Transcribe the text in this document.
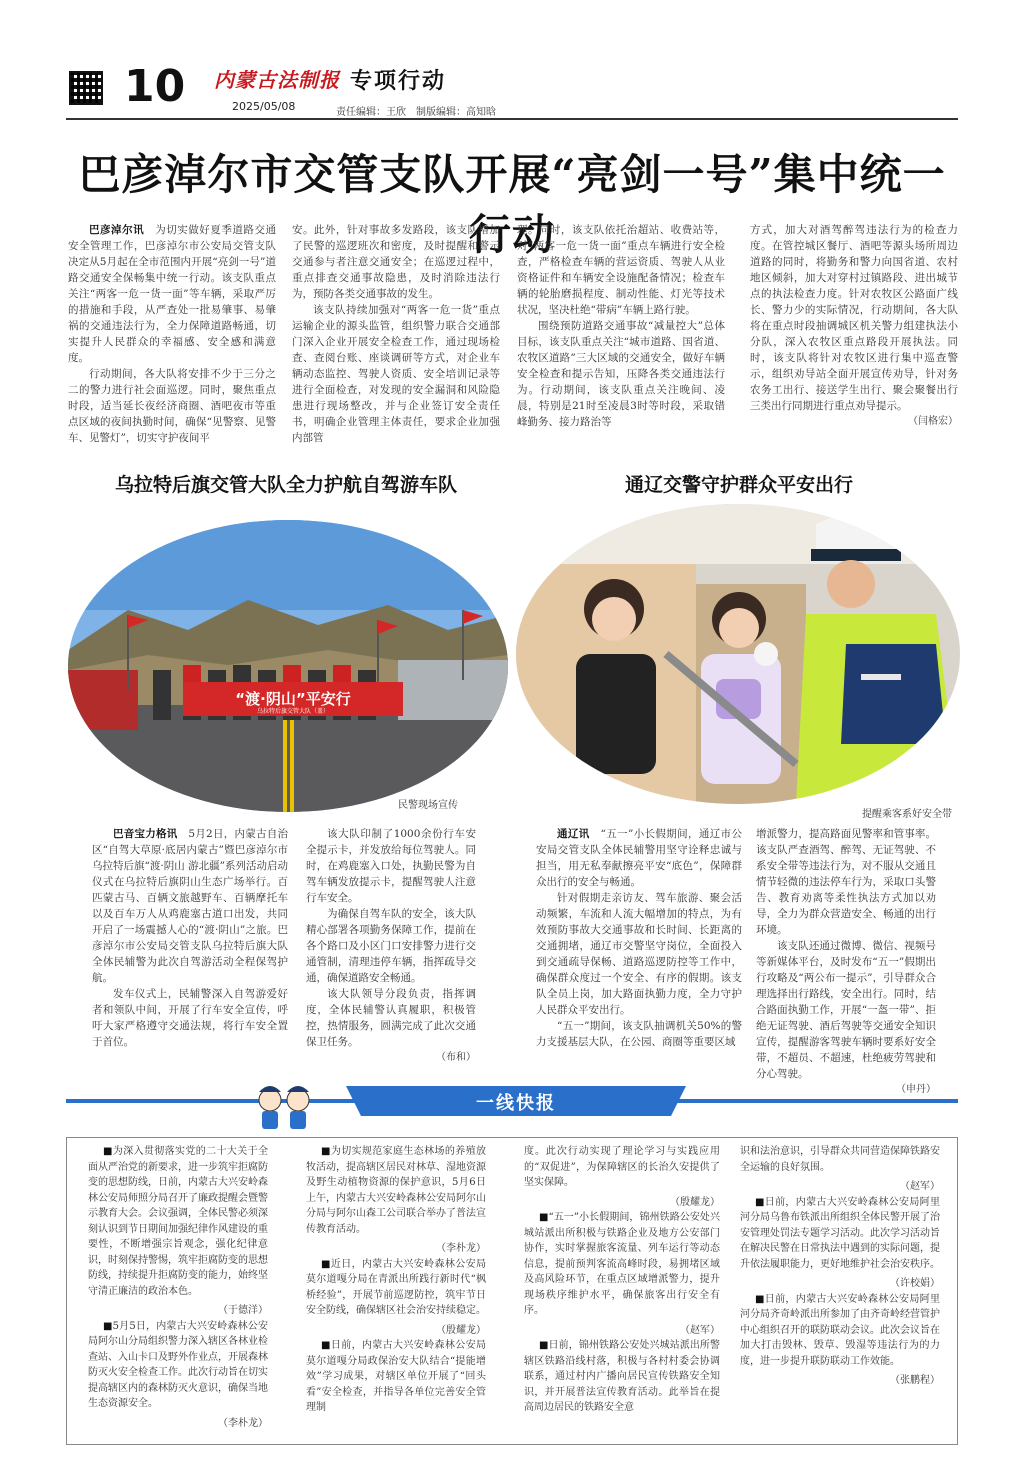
10 内蒙古法制报
2025/05/08
专项行动
责任编辑：王欣　制版编辑：高知晗
巴彦淖尔市交管支队开展“亮剑一号”集中统一行动

巴彦淖尔讯　 为切实做好夏季道路交通安全管理工作，巴彦淖尔市公安局交管支队决定从5月起在全市范围内开展“亮剑一号”道路交通安全保畅集中统一行动。该支队重点关注“两客一危一货一面”等车辆，采取严厉的措施和手段，从严查处一批易肇事、易肇祸的交通违法行为，全力保障道路畅通，切实提升人民群众的幸福感、安全感和满意度。

行动期间，各大队将安排不少于三分之二的警力进行社会面巡逻。同时，聚焦重点时段，适当延长夜经济商圈、酒吧夜市等重点区域的夜间执勤时间，确保“见警察、见警车、见警灯”，切实守护夜间平

安。此外，针对事故多发路段，该支队增加了民警的巡逻班次和密度，及时提醒和警示交通参与者注意交通安全；在巡逻过程中，重点排查交通事故隐患，及时消除违法行为，预防各类交通事故的发生。

该支队持续加强对“两客一危一货”重点运输企业的源头监管，组织警力联合交通部门深入企业开展安全检查工作，通过现场检查、查阅台账、座谈调研等方式，对企业车辆动态监控、驾驶人资质、安全培训记录等进行全面检查，对发现的安全漏洞和风险隐患进行现场整改，并与企业签订安全责任书，明确企业管理主体责任，要求企业加强内部管

理。同时，该支队依托治超站、收费站等，对“两客一危一货一面”重点车辆进行安全检查，严格检查车辆的营运资质、驾驶人从业资格证件和车辆安全设施配备情况；检查车辆的轮胎磨损程度、制动性能、灯光等技术状况，坚决杜绝“带病”车辆上路行驶。

围绕预防道路交通事故“减量控大”总体目标，该支队重点关注“城市道路、国省道、农牧区道路”三大区域的交通安全，做好车辆安全检查和提示告知，压降各类交通违法行为。行动期间，该支队重点关注晚间、凌晨，特别是21时至凌晨3时等时段，采取错峰勤务、接力路治等

方式，加大对酒驾醉驾违法行为的检查力度。在管控城区餐厅、酒吧等源头场所周边道路的同时，将勤务和警力向国省道、农村地区倾斜，加大对穿村过镇路段、进出城节点的执法检查力度。针对农牧区公路面广线长、警力少的实际情况，行动期间，各大队将在重点时段抽调城区机关警力组建执法小分队，深入农牧区重点路段开展执法。同时，该支队将针对农牧区进行集中巡查警示，组织劝导站全面开展宣传劝导，针对务农务工出行、接送学生出行、聚会聚餐出行三类出行同期进行重点劝导提示。

（闫格宏）
乌拉特后旗交管大队全力护航自驾游车队
“渡·阴山”平安行
乌拉特后旗交管大队（盖）
民警现场宣传

巴音宝力格讯　 5月2日，内蒙古自治区“自驾大草原·底居内蒙古”暨巴彦淖尔市乌拉特后旗“渡·阴山 游北疆”系列活动启动仪式在乌拉特后旗阴山生态广场举行。百匹蒙古马、百辆文旅越野车、百辆摩托车以及百车万人从鸡鹿塞古道口出发，共同开启了一场震撼人心的“渡·阴山”之旅。巴彦淖尔市公安局交管支队乌拉特后旗大队全体民辅警为此次自驾游活动全程保驾护航。

发车仪式上，民辅警深入自驾游爱好者和领队中间，开展了行车安全宣传，呼吁大家严格遵守交通法规，将行车安全置于首位。

该大队印制了1000余份行车安全提示卡，并发放给每位驾驶人。同时，在鸡鹿塞入口处，执勤民警为自驾车辆发放提示卡，提醒驾驶人注意行车安全。

为确保自驾车队的安全，该大队精心部署各项勤务保障工作，提前在各个路口及小区门口安排警力进行交通管制，清理违停车辆，指挥疏导交通，确保道路安全畅通。

该大队领导分段负责，指挥调度，全体民辅警认真履职，积极管控，热情服务，圆满完成了此次交通保卫任务。

（布和）
通辽交警守护群众平安出行
提醒乘客系好安全带

通辽讯　 “五一”小长假期间，通辽市公安局交管支队全体民辅警用坚守诠释忠诚与担当，用无私奉献擦亮平安“底色”，保障群众出行的安全与畅通。

针对假期走亲访友、驾车旅游、聚会活动频繁，车流和人流大幅增加的特点，为有效预防事故大交通事故和长时间、长距离的交通拥堵，通辽市交警坚守岗位，全面投入到交通疏导保畅、道路巡逻防控等工作中，确保群众度过一个安全、有序的假期。该支队全员上岗，加大路面执勤力度，全力守护人民群众平安出行。

“五一”期间，该支队抽调机关50%的警力支援基层大队，在公园、商圈等重要区域

增派警力，提高路面见警率和管事率。该支队严查酒驾、醉驾、无证驾驶、不系安全带等违法行为，对不服从交通且情节轻微的违法停车行为，采取口头警告、教育劝离等柔性执法方式加以劝导，全力为群众营造安全、畅通的出行环境。

该支队还通过微博、微信、视频号等新媒体平台，及时发布“五一”假期出行攻略及“两公布一提示”，引导群众合理选择出行路线，安全出行。同时，结合路面执勤工作，开展“一盔一带”、拒绝无证驾驶、酒后驾驶等交通安全知识宣传，提醒游客驾驶车辆时要系好安全带，不超员、不超速，杜绝疲劳驾驶和分心驾驶。

（申丹）
一线快报

■为深入贯彻落实党的二十大关于全面从严治党的新要求，进一步筑牢拒腐防变的思想防线，日前，内蒙古大兴安岭森林公安局师照分局召开了廉政提醒会暨警示教育大会。会议强调，全体民警必须深刻认识到节日期间加强纪律作风建设的重要性，不断增强宗旨观念，强化纪律意识，时刻保持警惕，筑牢拒腐防变的思想防线，持续提升拒腐防变的能力，始终坚守清正廉洁的政治本色。

（于德洋）

■5月5日，内蒙古大兴安岭森林公安局阿尔山分局组织警力深入辖区各林业检查站、入山卡口及野外作业点，开展森林防灭火安全检查工作。此次行动旨在切实提高辖区内的森林防灭火意识，确保当地生态资源安全。

（李朴龙）

■为切实规范家庭生态林场的养殖放牧活动，提高辖区居民对林草、湿地资源及野生动植物资源的保护意识，5月6日上午，内蒙古大兴安岭森林公安局阿尔山分局与阿尔山森工公司联合举办了普法宣传教育活动。

（李朴龙）

■近日，内蒙古大兴安岭森林公安局莫尔道嘎分局在青派出所践行新时代“枫桥经验”，开展节前巡逻防控，筑牢节日安全防线，确保辖区社会治安持续稳定。

（殷耀龙）

■日前，内蒙古大兴安岭森林公安局莫尔道嘎分局政保治安大队结合“提能增效”学习成果，对辖区单位开展了“回头看”安全检查，并指导各单位完善安全管理制

度。此次行动实现了理论学习与实践应用的“双促进”，为保障辖区的长治久安提供了坚实保障。

（殷耀龙）

■“五一”小长假期间，锦州铁路公安处兴城站派出所积极与铁路企业及地方公安部门协作，实时掌握旅客流量、列车运行等动态信息，提前预判客流高峰时段，易拥堵区域及高风险环节，在重点区域增派警力，提升现场秩序维护水平，确保旅客出行安全有序。

（赵军）

■日前，锦州铁路公安处兴城站派出所警辖区铁路沿线村落，积极与各村村委会协调联系，通过村内广播向居民宣传铁路安全知识，并开展普法宣传教育活动。此举旨在提高周边居民的铁路安全意

识和法治意识，引导群众共同营造保障铁路安全运输的良好氛围。

（赵军）

■日前，内蒙古大兴安岭森林公安局阿里河分局乌鲁布铁派出所组织全体民警开展了治安管理处罚法专题学习活动。此次学习活动旨在解决民警在日常执法中遇到的实际问题，提升依法履职能力，更好地维护社会治安秩序。

（许校娟）

■日前，内蒙古大兴安岭森林公安局阿里河分局齐奇岭派出所参加了由齐奇岭经营管护中心组织召开的联防联动会议。此次会议旨在加大打击毁林、毁草、毁湿等违法行为的力度，进一步提升联防联动工作效能。

（张鹏程）
